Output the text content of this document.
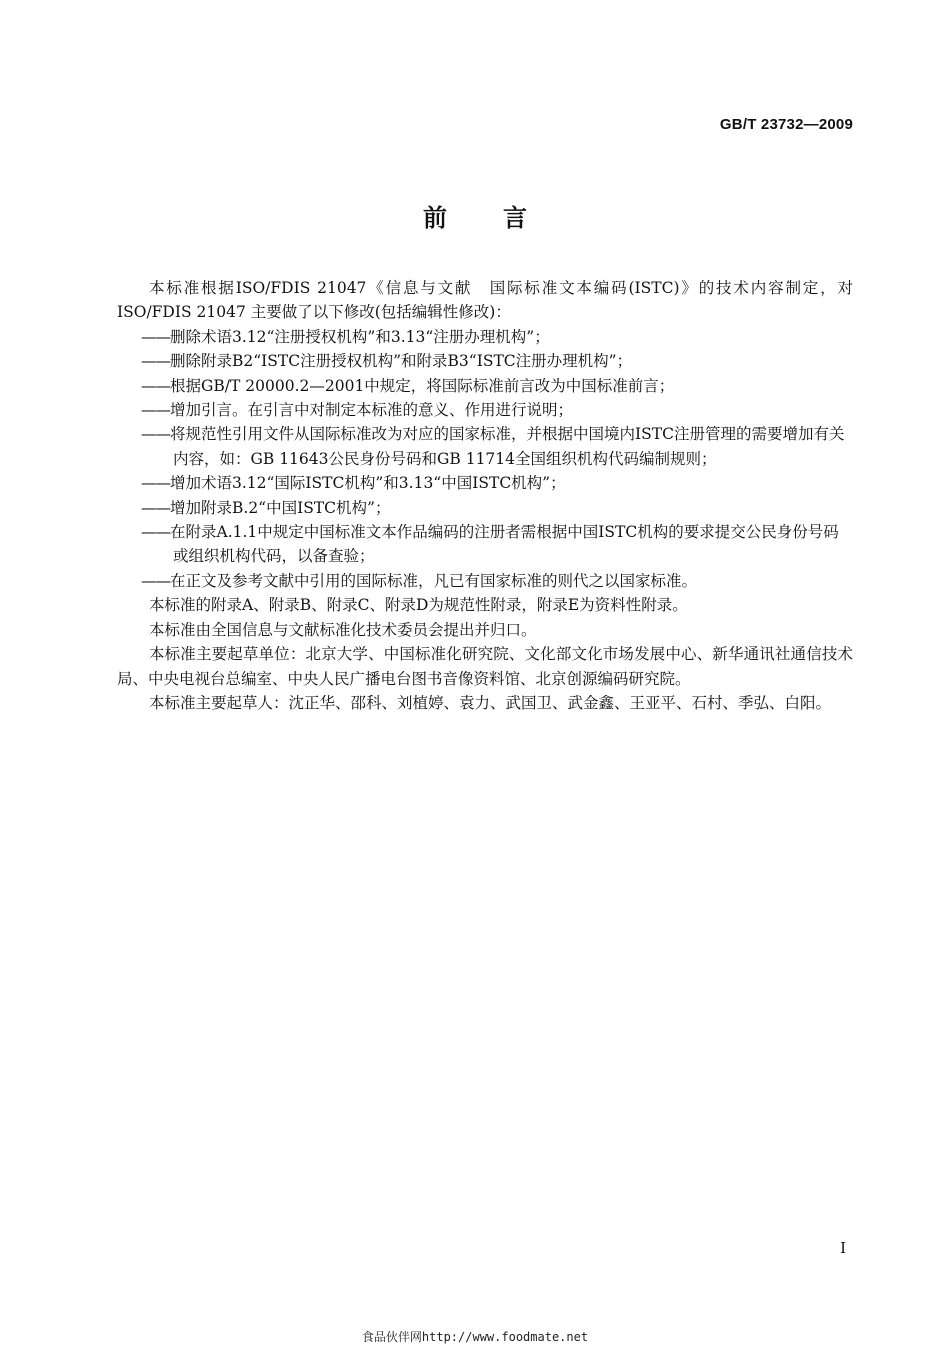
GB/T 23732—2009
前言

本标准根据ISO/FDIS 21047《信息与文献　国际标准文本编码(ISTC)》的技术内容制定，对ISO/FDIS 21047 主要做了以下修改(包括编辑性修改)：

——删除术语3.12“注册授权机构”和3.13“注册办理机构”；

——删除附录B2“ISTC注册授权机构”和附录B3“ISTC注册办理机构”；

——根据GB/T 20000.2—2001中规定，将国际标准前言改为中国标准前言；

——增加引言。在引言中对制定本标准的意义、作用进行说明；

——将规范性引用文件从国际标准改为对应的国家标准，并根据中国境内ISTC注册管理的需要增加有关内容，如：GB 11643公民身份号码和GB 11714全国组织机构代码编制规则；

——增加术语3.12“国际ISTC机构”和3.13“中国ISTC机构”；

——增加附录B.2“中国ISTC机构”；

——在附录A.1.1中规定中国标准文本作品编码的注册者需根据中国ISTC机构的要求提交公民身份号码或组织机构代码，以备查验；

——在正文及参考文献中引用的国际标准，凡已有国家标准的则代之以国家标准。

本标准的附录A、附录B、附录C、附录D为规范性附录，附录E为资料性附录。

本标准由全国信息与文献标准化技术委员会提出并归口。

本标准主要起草单位：北京大学、中国标准化研究院、文化部文化市场发展中心、新华通讯社通信技术局、中央电视台总编室、中央人民广播电台图书音像资料馆、北京创源编码研究院。

本标准主要起草人：沈正华、邵科、刘植婷、袁力、武国卫、武金鑫、王亚平、石村、季弘、白阳。

I
食品伙伴网http://www.foodmate.net
